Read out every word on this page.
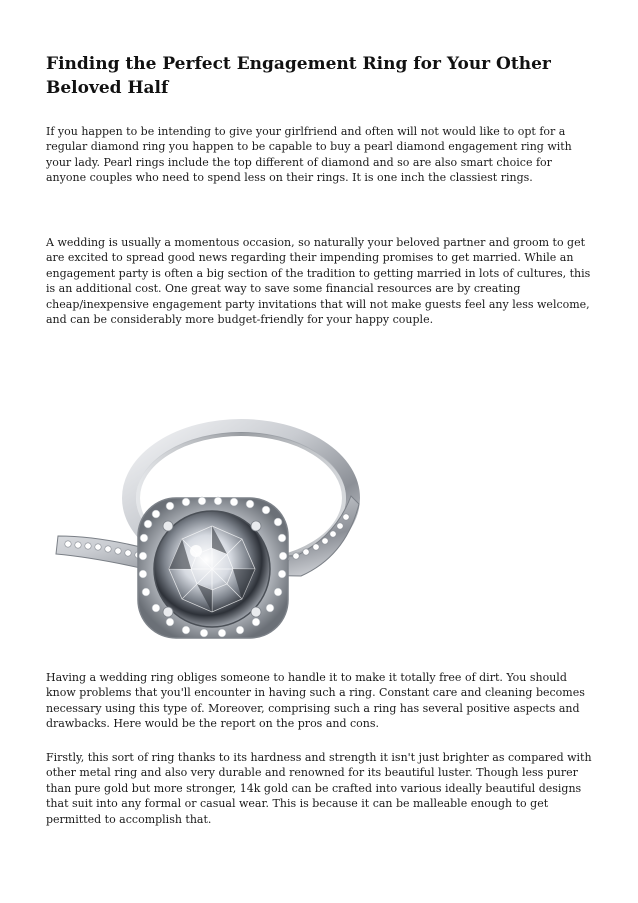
Finding the Perfect Engagement Ring for Your Other Beloved Half

If you happen to be intending to give your girlfriend and often will not would like to opt for a regular diamond ring you happen to be capable to buy a pearl diamond engagement ring with your lady. Pearl rings include the top different of diamond and so are also smart choice for anyone couples who need to spend less on their rings. It is one inch the classiest rings.

A wedding is usually a momentous occasion, so naturally your beloved partner and groom to get are excited to spread good news regarding their impending promises to get married. While an engagement party is often a big section of the tradition to getting married in lots of cultures, this is an additional cost. One great way to save some financial resources are by creating cheap/inexpensive engagement party invitations that will not make guests feel any less welcome, and can be considerably more budget-friendly for your happy couple.

Having a wedding ring obliges someone to handle it to make it totally free of dirt. You should know problems that you'll encounter in having such a ring. Constant care and cleaning becomes necessary using this type of. Moreover, comprising such a ring has several positive aspects and drawbacks. Here would be the report on the pros and cons.

Firstly, this sort of ring thanks to its hardness and strength it isn't just brighter as compared with other metal ring and also very durable and renowned for its beautiful luster. Though less purer than pure gold but more stronger, 14k gold can be crafted into various ideally beautiful designs that suit into any formal or casual wear. This is because it can be malleable enough to get permitted to accomplish that.
